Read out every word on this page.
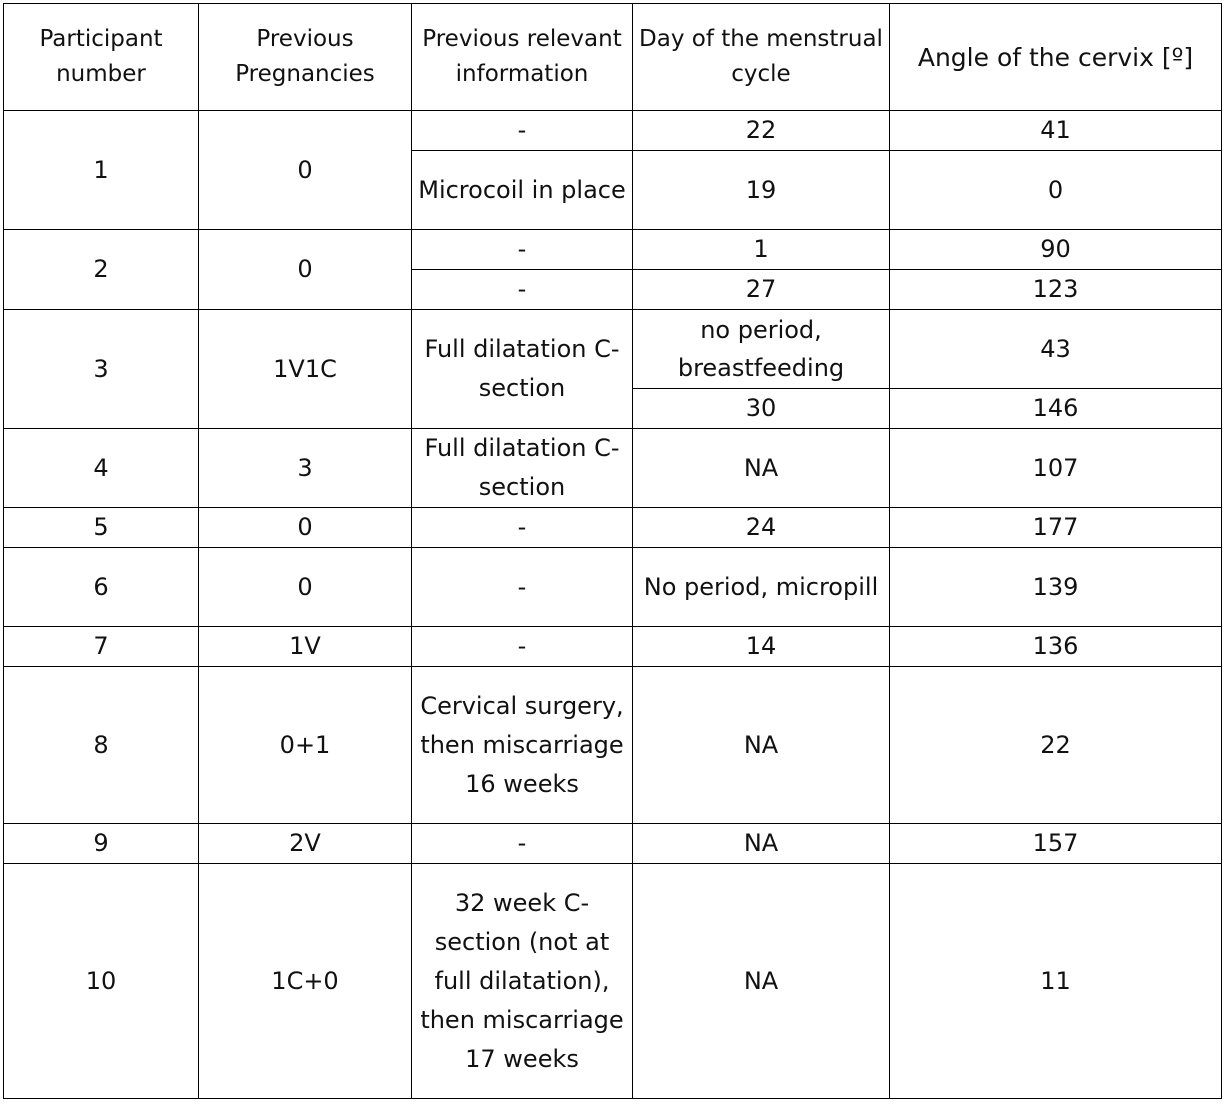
Participant number	Previous Pregnancies	Previous relevant information	Day of the menstrual cycle	Angle of the cervix [º]
1	0	-	22	41
		Microcoil in place	19	0
2	0	-	1	90
		-	27	123
3	1V1C	Full dilatation C-section	no period, breastfeeding	43
			30	146
4	3	Full dilatation C-section	NA	107
5	0	-	24	177
6	0	-	No period, micropill	139
7	1V	-	14	136
8	0+1	Cervical surgery, then miscarriage 16 weeks	NA	22
9	2V	-	NA	157
10	1C+0	32 week C-section (not at full dilatation), then miscarriage 17 weeks	NA	11
